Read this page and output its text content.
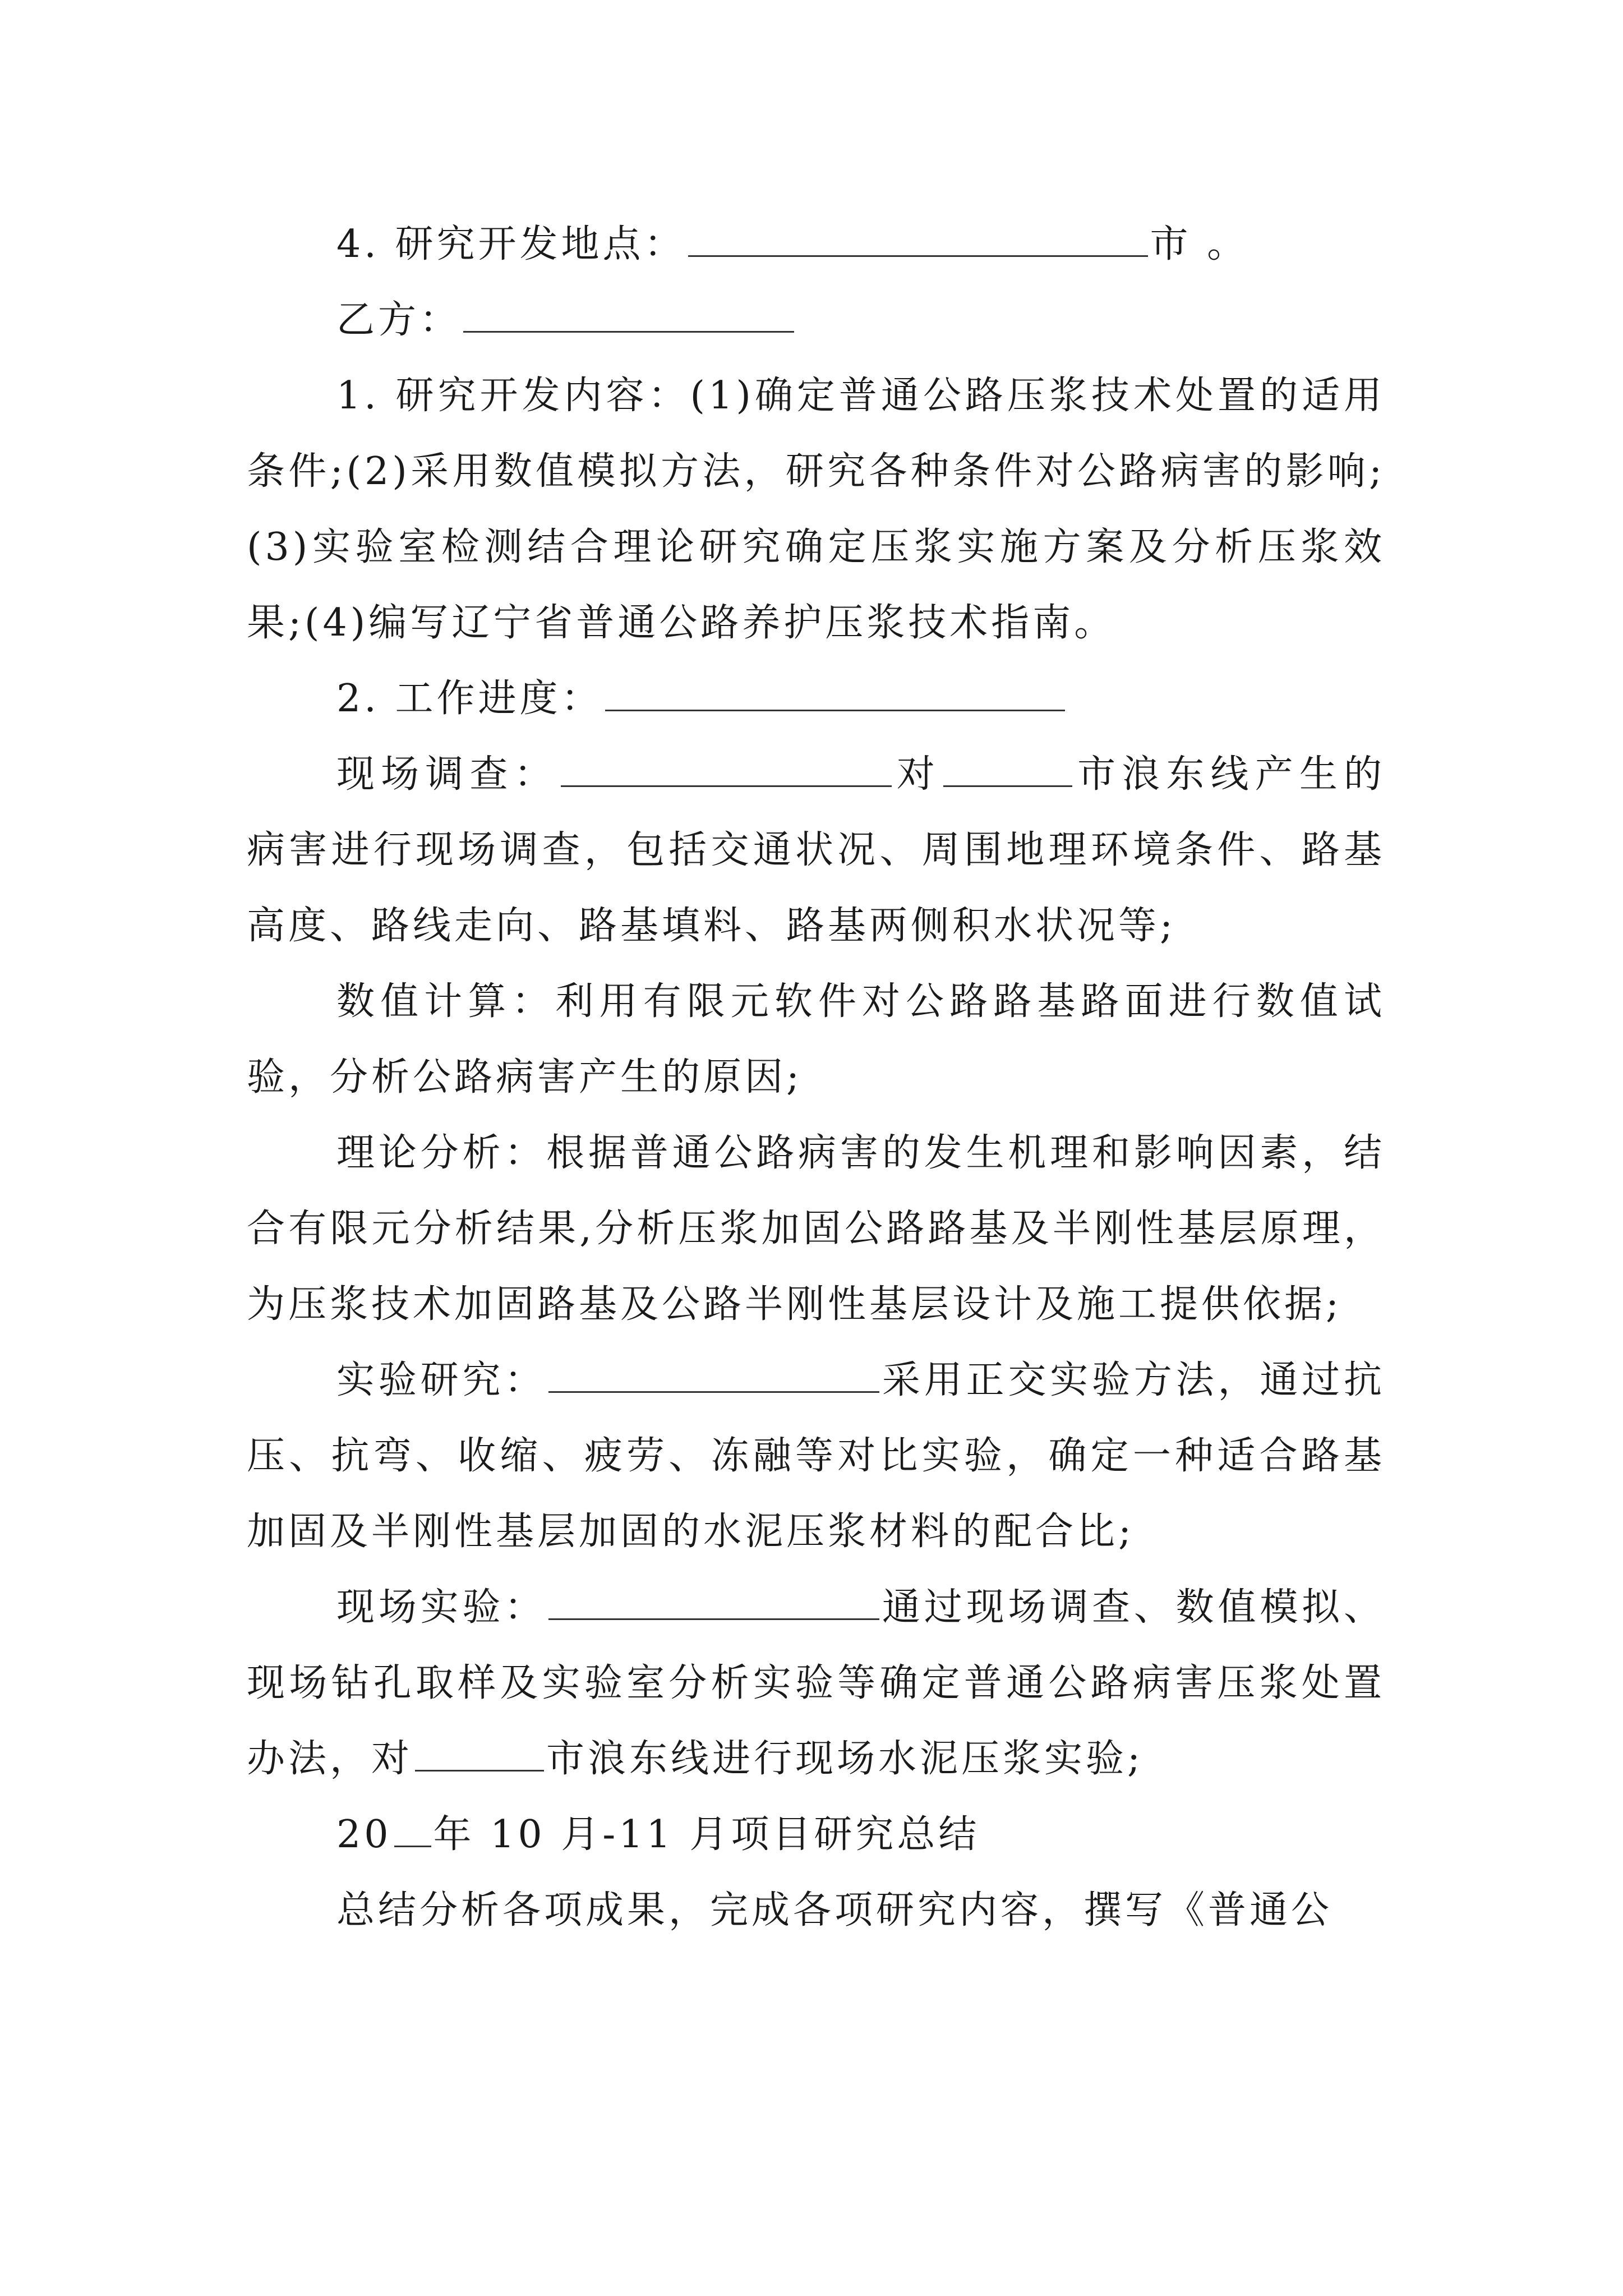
4. 研究开发地点：	市 。

乙方：

1. 研究开发内容：(1)确定普通公路压浆技术处置的适用条件;(2)采用数值模拟方法，研究各种条件对公路病害的影响;(3)实验室检测结合理论研究确定压浆实施方案及分析压浆效果;(4)编写辽宁省普通公路养护压浆技术指南。

2. 工作进度：

现场调查：	对	市浪东线产生的病害进行现场调查，包括交通状况、周围地理环境条件、路基高度、路线走向、路基填料、路基两侧积水状况等;

数值计算：利用有限元软件对公路路基路面进行数值试验，分析公路病害产生的原因;

理论分析：根据普通公路病害的发生机理和影响因素，结合有限元分析结果,分析压浆加固公路路基及半刚性基层原理，为压浆技术加固路基及公路半刚性基层设计及施工提供依据;

实验研究：	采用正交实验方法，通过抗压、抗弯、收缩、疲劳、冻融等对比实验，确定一种适合路基加固及半刚性基层加固的水泥压浆材料的配合比;

现场实验：	通过现场调查、数值模拟、现场钻孔取样及实验室分析实验等确定普通公路病害压浆处置办法，对	市浪东线进行现场水泥压浆实验;

20 年 10 月-11 月项目研究总结

总结分析各项成果，完成各项研究内容，撰写《普通公
